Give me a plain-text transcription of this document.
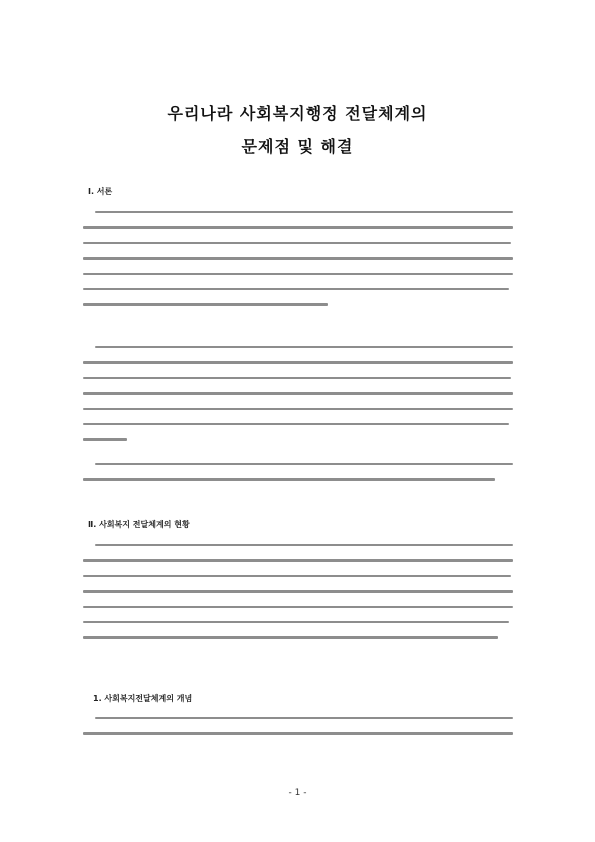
우리나라 사회복지행정 전달체계의
문제점 및 해결
Ⅰ. 서론
Ⅱ. 사회복지 전달체계의 현황
1. 사회복지전달체계의 개념
- 1 -
